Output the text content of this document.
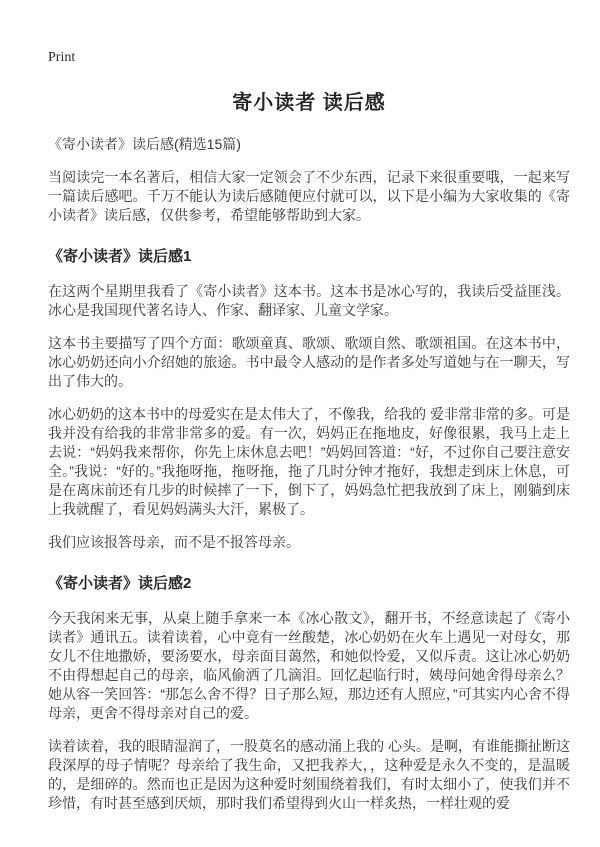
Print
寄小读者 读后感

《寄小读者》读后感(精选15篇)

当阅读完一本名著后，相信大家一定领会了不少东西，记录下来很重要哦，一起来写一篇读后感吧。千万不能认为读后感随便应付就可以，以下是小编为大家收集的《寄小读者》读后感，仅供参考，希望能够帮助到大家。

《寄小读者》读后感1

在这两个星期里我看了《寄小读者》这本书。这本书是冰心写的，我读后受益匪浅。冰心是我国现代著名诗人、作家、翻译家、儿童文学家。

这本书主要描写了四个方面：歌颂童真、歌颂、歌颂自然、歌颂祖国。在这本书中，冰心奶奶还向小介绍她的旅途。书中最令人感动的是作者多处写道她与在一聊天，写出了伟大的。

冰心奶奶的这本书中的母爱实在是太伟大了，不像我，给我的 爱非常非常的多。可是我并没有给我的非常非常多的爱。有一次，妈妈正在拖地皮，好像很累，我马上走上去说：“妈妈我来帮你，你先上床休息去吧！”妈妈回答道：“好，不过你自己要注意安全。”我说：“好的。”我拖呀拖，拖呀拖，拖了几时分钟才拖好，我想走到床上休息，可是在离床前还有几步的时候摔了一下，倒下了，妈妈急忙把我放到了床上，刚躺到床上我就醒了，看见妈妈满头大汗，累极了。

我们应该报答母亲，而不是不报答母亲。

《寄小读者》读后感2

今天我闲来无事，从桌上随手拿来一本《冰心散文》，翻开书，不经意读起了《寄小读者》通讯五。读着读着，心中竟有一丝酸楚，冰心奶奶在火车上遇见一对母女，那女儿不住地撒娇，要汤要水，母亲面目蔼然，和她似怜爱，又似斥责。这让冰心奶奶不由得想起自己的母亲，临风偷洒了几滴泪。回忆起临行时，姨母问她舍得母亲么？她从容一笑回答：“那怎么舍不得？日子那么短，那边还有人照应，”可其实内心舍不得母亲，更舍不得母亲对自己的爱。

读着读着，我的眼睛湿润了，一股莫名的感动涌上我的 心头。是啊，有谁能撕扯断这段深厚的母子情呢？母亲给了我生命，又把我养大，，这种爱是永久不变的，是温暖的，是细碎的。然而也正是因为这种爱时刻围绕着我们，有时太细小了，使我们并不珍惜，有时甚至感到厌烦，那时我们希望得到火山一样炙热，一样壮观的爱
